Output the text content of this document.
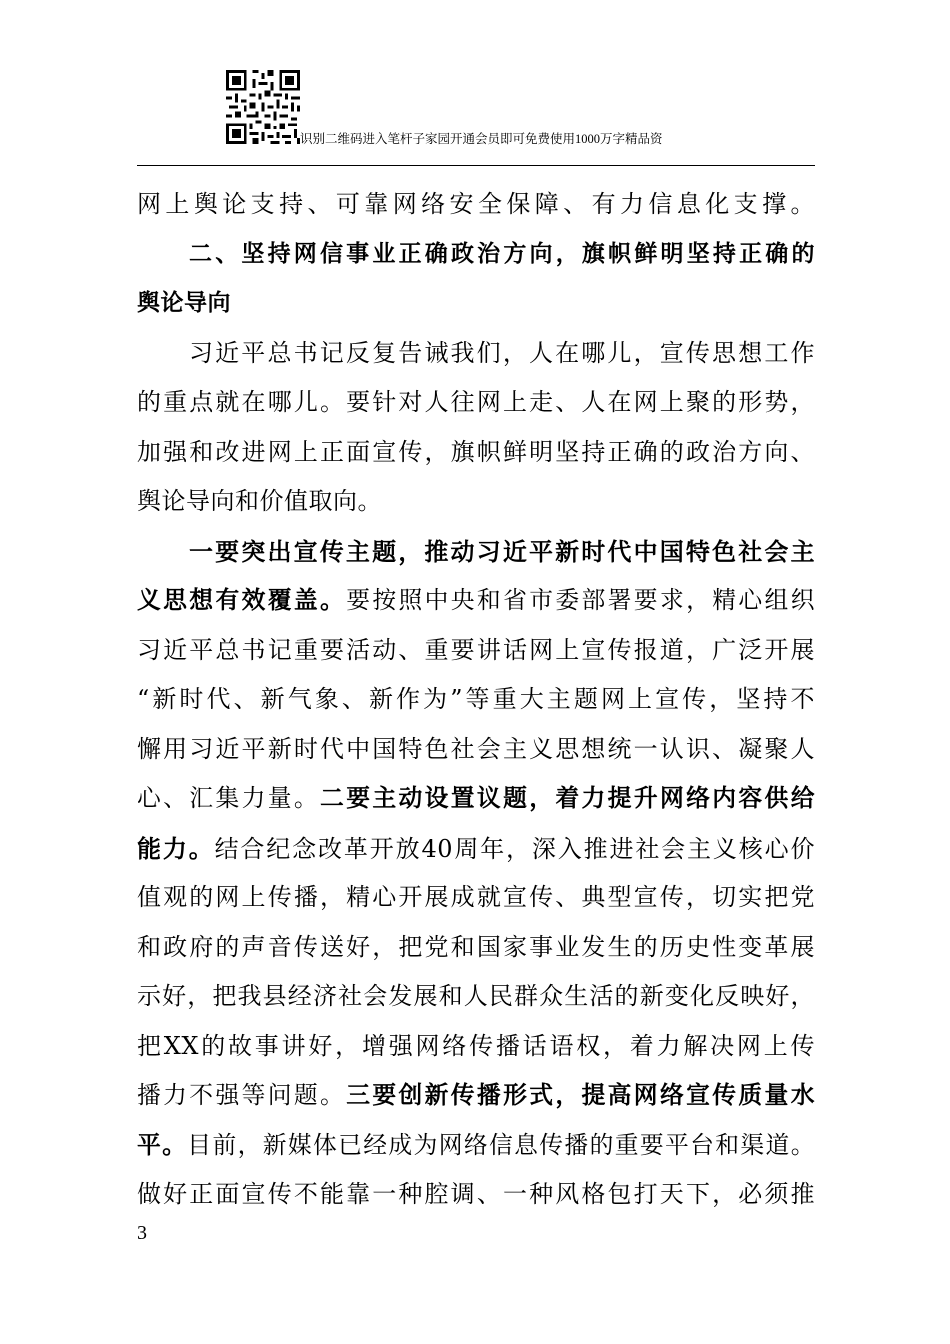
识别二维码进入笔杆子家园开通会员即可免费使用1000万字精品资
网上舆论支持、可靠网络安全保障、有力信息化支撑。
二、坚持网信事业正确政治方向，旗帜鲜明坚持正确的
舆论导向
习近平总书记反复告诫我们，人在哪儿，宣传思想工作
的重点就在哪儿。要针对人往网上走、人在网上聚的形势，
加强和改进网上正面宣传，旗帜鲜明坚持正确的政治方向、
舆论导向和价值取向。
一要突出宣传主题，推动习近平新时代中国特色社会主
义思想有效覆盖。要按照中央和省市委部署要求，精心组织
习近平总书记重要活动、重要讲话网上宣传报道，广泛开展
“新时代、新气象、新作为”等重大主题网上宣传，坚持不
懈用习近平新时代中国特色社会主义思想统一认识、凝聚人
心、汇集力量。二要主动设置议题，着力提升网络内容供给
能力。结合纪念改革开放40周年，深入推进社会主义核心价
值观的网上传播，精心开展成就宣传、典型宣传，切实把党
和政府的声音传送好，把党和国家事业发生的历史性变革展
示好，把我县经济社会发展和人民群众生活的新变化反映好，
把XX的故事讲好，增强网络传播话语权，着力解决网上传
播力不强等问题。三要创新传播形式，提高网络宣传质量水
平。目前，新媒体已经成为网络信息传播的重要平台和渠道。
做好正面宣传不能靠一种腔调、一种风格包打天下，必须推
3
